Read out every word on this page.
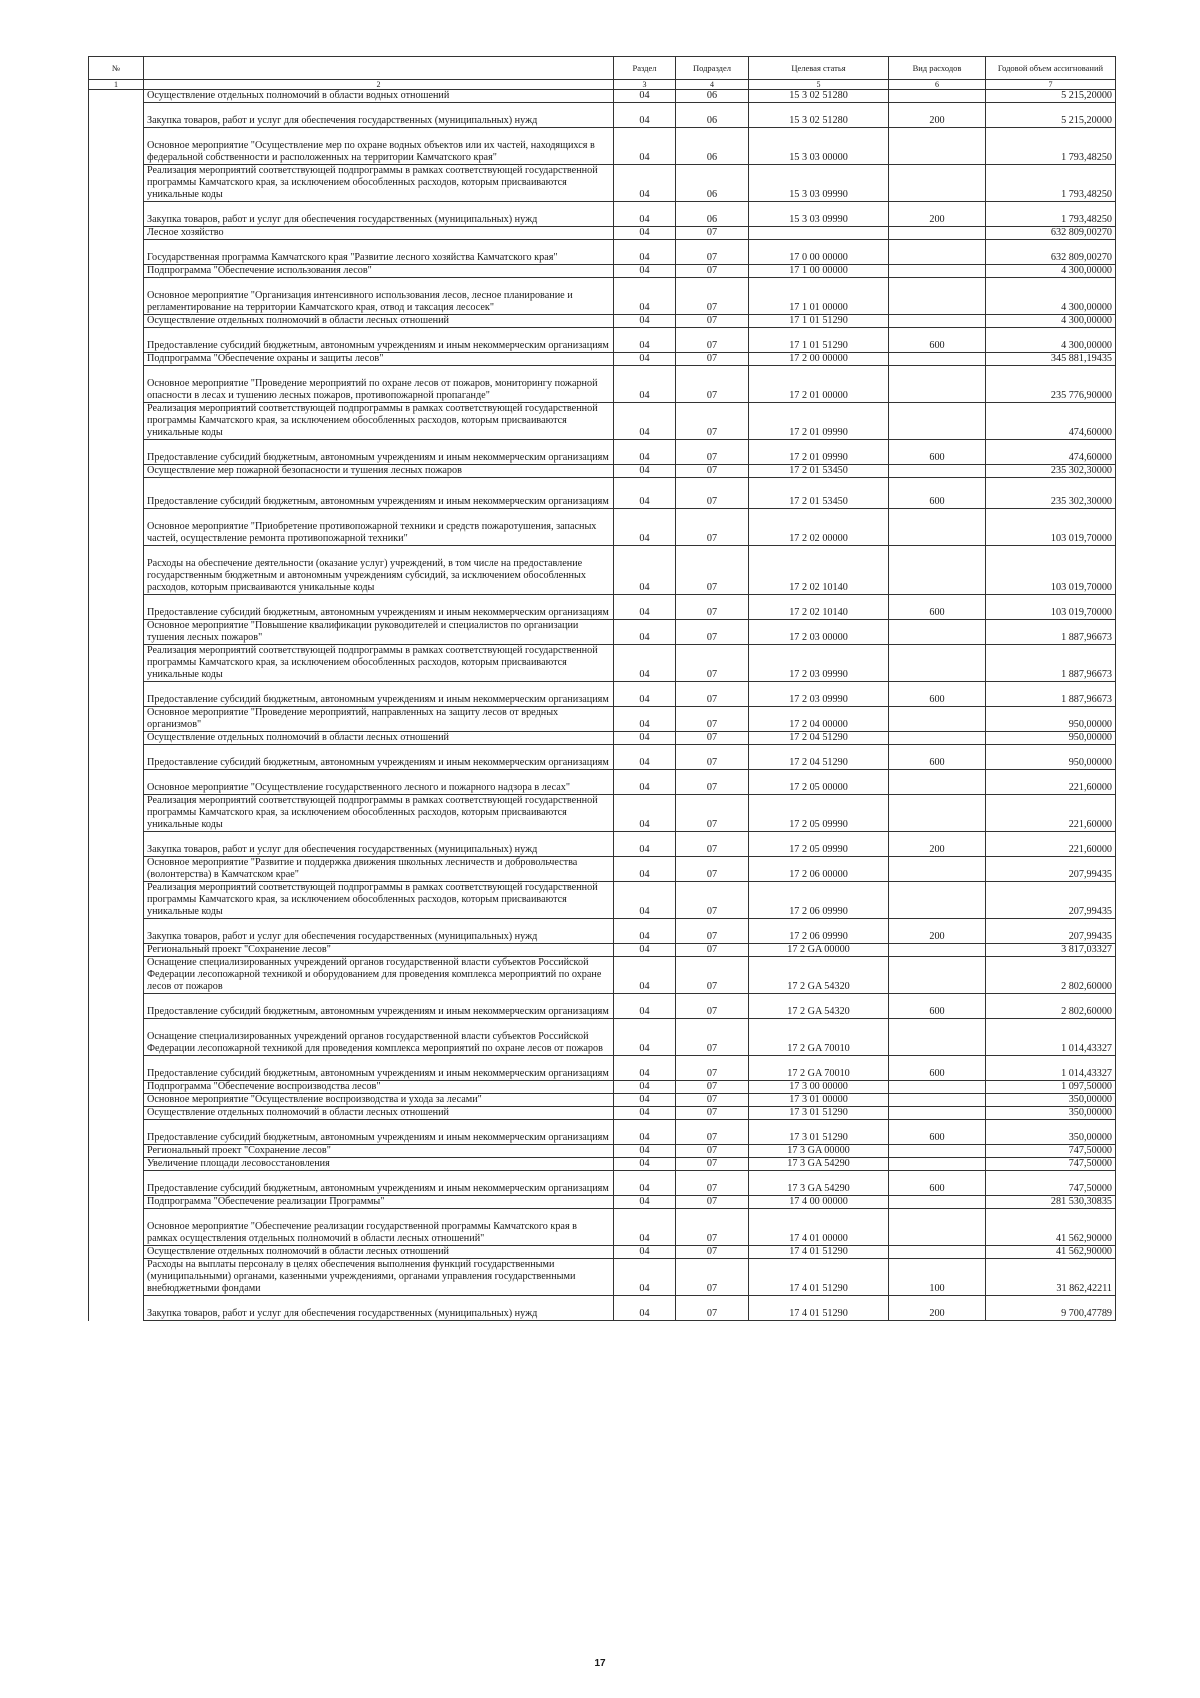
№		Раздел	Подраздел	Целевая статья	Вид расходов	Годовой объем ассигнований
1	2	3	4	5	6	7
	Осуществление отдельных полномочий в области водных отношений	04	06	15 3 02 51280		5 215,20000
	Закупка товаров, работ и услуг для обеспечения государственных (муниципальных) нужд	04	06	15 3 02 51280	200	5 215,20000
	Основное мероприятие "Осуществление мер по охране водных объектов или их частей, находящихся в федеральной собственности и расположенных на территории Камчатского края"	04	06	15 3 03 00000		1 793,48250
	Реализация мероприятий соответствующей подпрограммы в рамках соответствующей государственной программы Камчатского края, за исключением обособленных расходов, которым присваиваются уникальные коды	04	06	15 3 03 09990		1 793,48250
	Закупка товаров, работ и услуг для обеспечения государственных (муниципальных) нужд	04	06	15 3 03 09990	200	1 793,48250
	Лесное хозяйство	04	07			632 809,00270
	Государственная программа Камчатского края "Развитие лесного хозяйства Камчатского края"	04	07	17 0 00 00000		632 809,00270
	Подпрограмма "Обеспечение использования лесов"	04	07	17 1 00 00000		4 300,00000
	Основное мероприятие "Организация интенсивного использования лесов, лесное планирование и регламентирование на территории Камчатского края, отвод и таксация лесосек"	04	07	17 1 01 00000		4 300,00000
	Осуществление отдельных полномочий в области лесных отношений	04	07	17 1 01 51290		4 300,00000
	Предоставление субсидий бюджетным, автономным учреждениям и иным некоммерческим организациям	04	07	17 1 01 51290	600	4 300,00000
	Подпрограмма "Обеспечение охраны и защиты лесов"	04	07	17 2 00 00000		345 881,19435
	Основное мероприятие "Проведение мероприятий по охране лесов от пожаров, мониторингу пожарной опасности в лесах и тушению лесных пожаров, противопожарной пропаганде"	04	07	17 2 01 00000		235 776,90000
	Реализация мероприятий соответствующей подпрограммы в рамках соответствующей государственной программы Камчатского края, за исключением обособленных расходов, которым присваиваются уникальные коды	04	07	17 2 01 09990		474,60000
	Предоставление субсидий бюджетным, автономным учреждениям и иным некоммерческим организациям	04	07	17 2 01 09990	600	474,60000
	Осуществление мер пожарной безопасности и тушения лесных пожаров	04	07	17 2 01 53450		235 302,30000
	Предоставление субсидий бюджетным, автономным учреждениям и иным некоммерческим организациям	04	07	17 2 01 53450	600	235 302,30000
	Основное мероприятие "Приобретение противопожарной техники и средств пожаротушения, запасных частей, осуществление ремонта противопожарной техники"	04	07	17 2 02 00000		103 019,70000
	Расходы на обеспечение деятельности (оказание услуг) учреждений, в том числе на предоставление государственным бюджетным и автономным учреждениям субсидий, за исключением обособленных расходов, которым присваиваются уникальные коды	04	07	17 2 02 10140		103 019,70000
	Предоставление субсидий бюджетным, автономным учреждениям и иным некоммерческим организациям	04	07	17 2 02 10140	600	103 019,70000
	Основное мероприятие "Повышение квалификации руководителей и специалистов по организации тушения лесных пожаров"	04	07	17 2 03 00000		1 887,96673
	Реализация мероприятий соответствующей подпрограммы в рамках соответствующей государственной программы Камчатского края, за исключением обособленных расходов, которым присваиваются уникальные коды	04	07	17 2 03 09990		1 887,96673
	Предоставление субсидий бюджетным, автономным учреждениям и иным некоммерческим организациям	04	07	17 2 03 09990	600	1 887,96673
	Основное мероприятие "Проведение мероприятий, направленных на защиту лесов от вредных организмов"	04	07	17 2 04 00000		950,00000
	Осуществление отдельных полномочий в области лесных отношений	04	07	17 2 04 51290		950,00000
	Предоставление субсидий бюджетным, автономным учреждениям и иным некоммерческим организациям	04	07	17 2 04 51290	600	950,00000
	Основное мероприятие "Осуществление государственного лесного и пожарного надзора в лесах"	04	07	17 2 05 00000		221,60000
	Реализация мероприятий соответствующей подпрограммы в рамках соответствующей государственной программы Камчатского края, за исключением обособленных расходов, которым присваиваются уникальные коды	04	07	17 2 05 09990		221,60000
	Закупка товаров, работ и услуг для обеспечения государственных (муниципальных) нужд	04	07	17 2 05 09990	200	221,60000
	Основное мероприятие "Развитие и поддержка движения школьных лесничеств и добровольчества (волонтерства) в Камчатском крае"	04	07	17 2 06 00000		207,99435
	Реализация мероприятий соответствующей подпрограммы в рамках соответствующей государственной программы Камчатского края, за исключением обособленных расходов, которым присваиваются уникальные коды	04	07	17 2 06 09990		207,99435
	Закупка товаров, работ и услуг для обеспечения государственных (муниципальных) нужд	04	07	17 2 06 09990	200	207,99435
	Региональный проект "Сохранение лесов"	04	07	17 2 GA 00000		3 817,03327
	Оснащение специализированных учреждений органов государственной власти субъектов Российской Федерации лесопожарной техникой и оборудованием для проведения комплекса мероприятий по охране лесов от пожаров	04	07	17 2 GA 54320		2 802,60000
	Предоставление субсидий бюджетным, автономным учреждениям и иным некоммерческим организациям	04	07	17 2 GA 54320	600	2 802,60000
	Оснащение специализированных учреждений органов государственной власти субъектов Российской Федерации лесопожарной техникой для проведения комплекса мероприятий по охране лесов от пожаров	04	07	17 2 GA 70010		1 014,43327
	Предоставление субсидий бюджетным, автономным учреждениям и иным некоммерческим организациям	04	07	17 2 GA 70010	600	1 014,43327
	Подпрограмма "Обеспечение воспроизводства лесов"	04	07	17 3 00 00000		1 097,50000
	Основное мероприятие "Осуществление воспроизводства и ухода за лесами"	04	07	17 3 01 00000		350,00000
	Осуществление отдельных полномочий в области лесных отношений	04	07	17 3 01 51290		350,00000
	Предоставление субсидий бюджетным, автономным учреждениям и иным некоммерческим организациям	04	07	17 3 01 51290	600	350,00000
	Региональный проект "Сохранение лесов"	04	07	17 3 GA 00000		747,50000
	Увеличение площади лесовосстановления	04	07	17 3 GA 54290		747,50000
	Предоставление субсидий бюджетным, автономным учреждениям и иным некоммерческим организациям	04	07	17 3 GA 54290	600	747,50000
	Подпрограмма "Обеспечение реализации Программы"	04	07	17 4 00 00000		281 530,30835
	Основное мероприятие "Обеспечение реализации государственной программы Камчатского края в рамках осуществления отдельных полномочий в области лесных отношений"	04	07	17 4 01 00000		41 562,90000
	Осуществление отдельных полномочий в области лесных отношений	04	07	17 4 01 51290		41 562,90000
	Расходы на выплаты персоналу в целях обеспечения выполнения функций государственными (муниципальными) органами, казенными учреждениями, органами управления государственными внебюджетными фондами	04	07	17 4 01 51290	100	31 862,42211
	Закупка товаров, работ и услуг для обеспечения государственных (муниципальных) нужд	04	07	17 4 01 51290	200	9 700,47789
17
